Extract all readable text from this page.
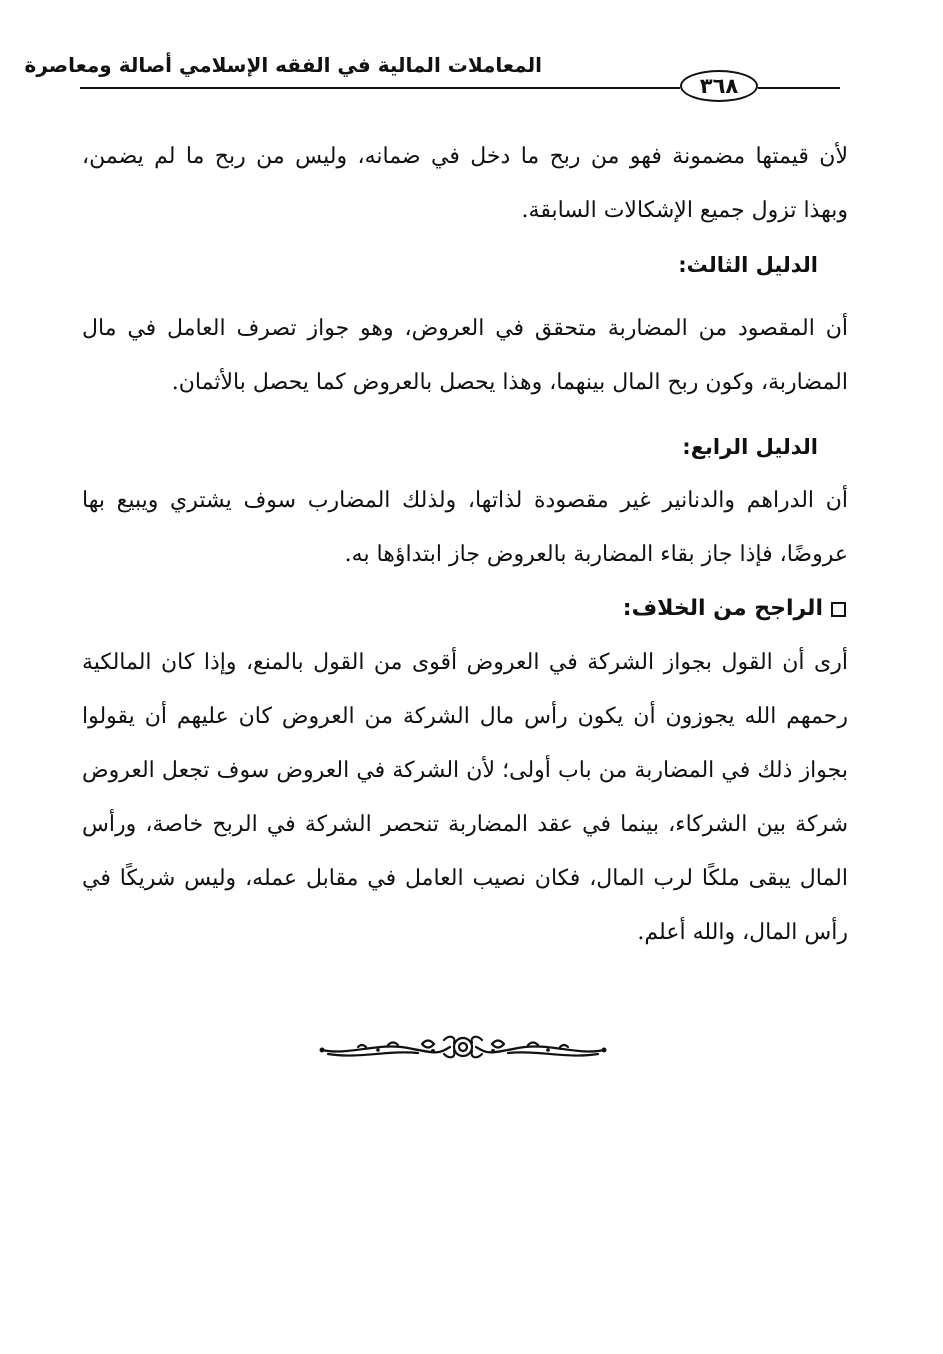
المعاملات المالية في الفقه الإسلامي أصالة ومعاصرة
٣٦٨

لأن قيمتها مضمونة فهو من ربح ما دخل في ضمانه، وليس من ربح ما لم يضمن، وبهذا تزول جميع الإشكالات السابقة.

الدليل الثالث:

أن المقصود من المضاربة متحقق في العروض، وهو جواز تصرف العامل في مال المضاربة، وكون ربح المال بينهما، وهذا يحصل بالعروض كما يحصل بالأثمان.

الدليل الرابع:

أن الدراهم والدنانير غير مقصودة لذاتها، ولذلك المضارب سوف يشتري ويبيع بها عروضًا، فإذا جاز بقاء المضاربة بالعروض جاز ابتداؤها به.

الراجح من الخلاف:

أرى أن القول بجواز الشركة في العروض أقوى من القول بالمنع، وإذا كان المالكية رحمهم الله يجوزون أن يكون رأس مال الشركة من العروض كان عليهم أن يقولوا بجواز ذلك في المضاربة من باب أولى؛ لأن الشركة في العروض سوف تجعل العروض شركة بين الشركاء، بينما في عقد المضاربة تنحصر الشركة في الربح خاصة، ورأس المال يبقى ملكًا لرب المال، فكان نصيب العامل في مقابل عمله، وليس شريكًا في رأس المال، والله أعلم.
